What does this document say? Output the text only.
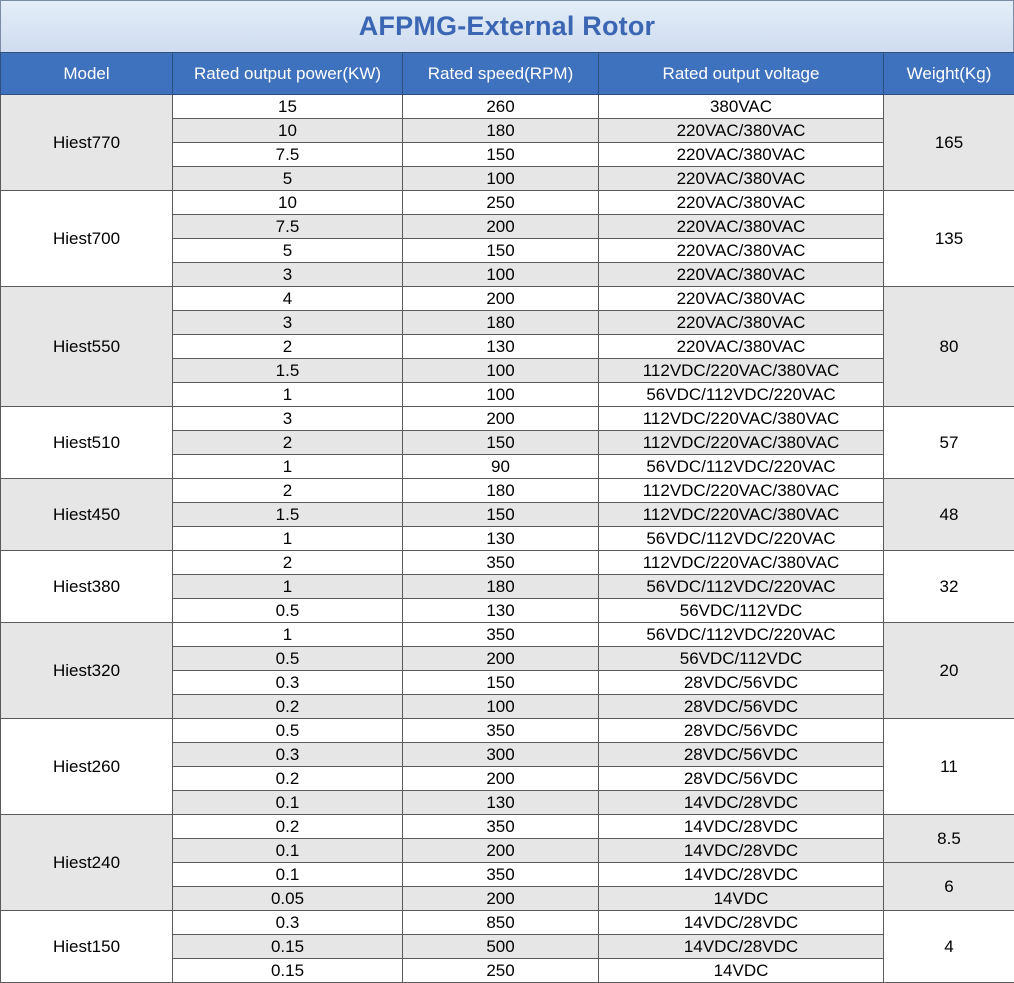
AFPMG-External Rotor
Model	Rated output power(KW)	Rated speed(RPM)	Rated output voltage	Weight(Kg)
Hiest770	15	260	380VAC	165
	10	180	220VAC/380VAC	
	7.5	150	220VAC/380VAC	
	5	100	220VAC/380VAC	
Hiest700	10	250	220VAC/380VAC	135
	7.5	200	220VAC/380VAC	
	5	150	220VAC/380VAC	
	3	100	220VAC/380VAC	
Hiest550	4	200	220VAC/380VAC	80
	3	180	220VAC/380VAC	
	2	130	220VAC/380VAC	
	1.5	100	112VDC/220VAC/380VAC	
	1	100	56VDC/112VDC/220VAC	
Hiest510	3	200	112VDC/220VAC/380VAC	57
	2	150	112VDC/220VAC/380VAC	
	1	90	56VDC/112VDC/220VAC	
Hiest450	2	180	112VDC/220VAC/380VAC	48
	1.5	150	112VDC/220VAC/380VAC	
	1	130	56VDC/112VDC/220VAC	
Hiest380	2	350	112VDC/220VAC/380VAC	32
	1	180	56VDC/112VDC/220VAC	
	0.5	130	56VDC/112VDC	
Hiest320	1	350	56VDC/112VDC/220VAC	20
	0.5	200	56VDC/112VDC	
	0.3	150	28VDC/56VDC	
	0.2	100	28VDC/56VDC	
Hiest260	0.5	350	28VDC/56VDC	11
	0.3	300	28VDC/56VDC	
	0.2	200	28VDC/56VDC	
	0.1	130	14VDC/28VDC	
Hiest240	0.2	350	14VDC/28VDC	8.5
	0.1	200	14VDC/28VDC	
	0.1	350	14VDC/28VDC	6
	0.05	200	14VDC	
Hiest150	0.3	850	14VDC/28VDC	4
	0.15	500	14VDC/28VDC	
	0.15	250	14VDC	
